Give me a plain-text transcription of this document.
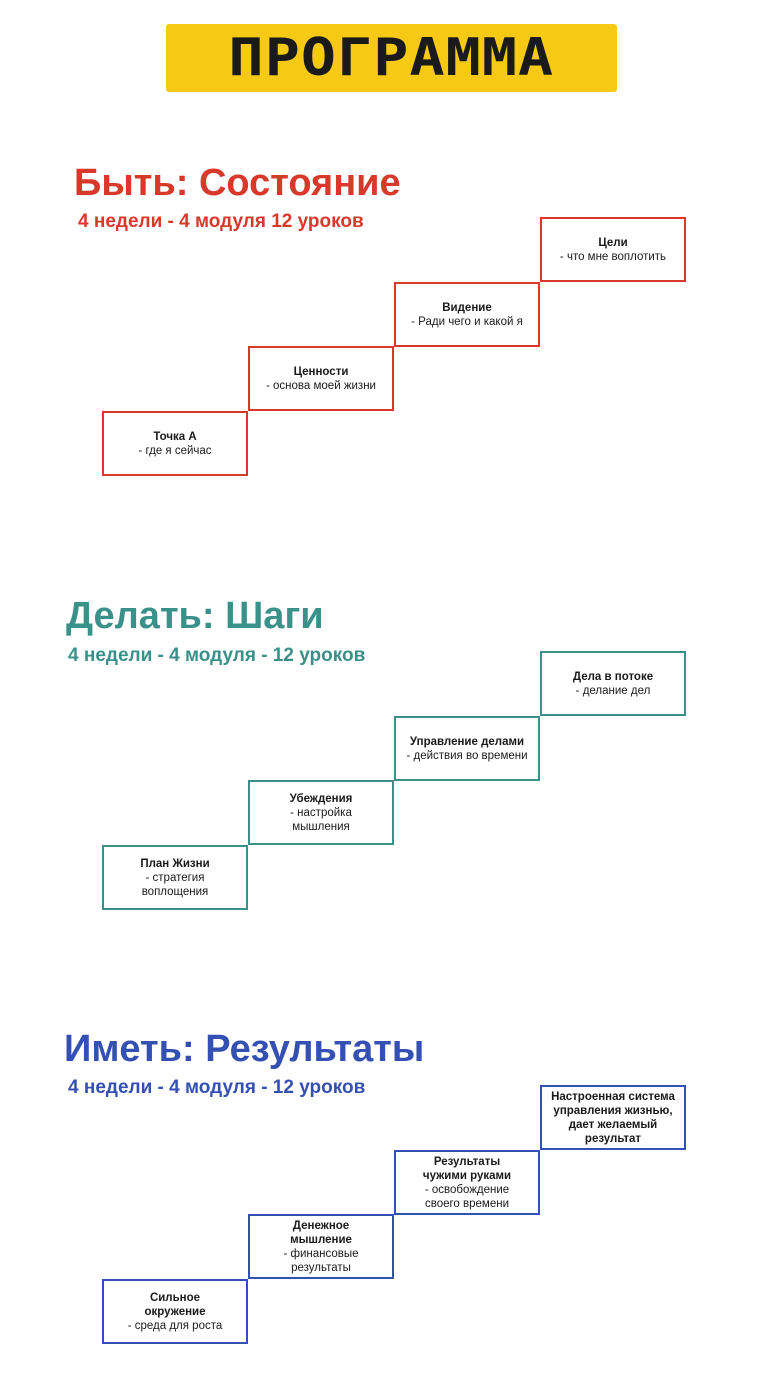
ПРОГРАММА
Быть: Состояние

4 недели - 4 модуля 12 уроков

Точка А
- где я сейчас
Ценности
- основа моей жизни
Видение
- Ради чего и какой я
Цели
- что мне воплотить
Делать: Шаги

4 недели - 4 модуля - 12 уроков

План Жизни
- стратегия
воплощения
Убеждения
- настройка
мышления
Управление делами
- действия во времени
Дела в потоке
- делание дел
Иметь: Результаты

4 недели - 4 модуля - 12 уроков

Сильное
окружение
- среда для роста
Денежное
мышление
- финансовые
результаты
Результаты
чужими руками
- освобождение
своего времени
Настроенная система
управления жизнью,
дает желаемый
результат
